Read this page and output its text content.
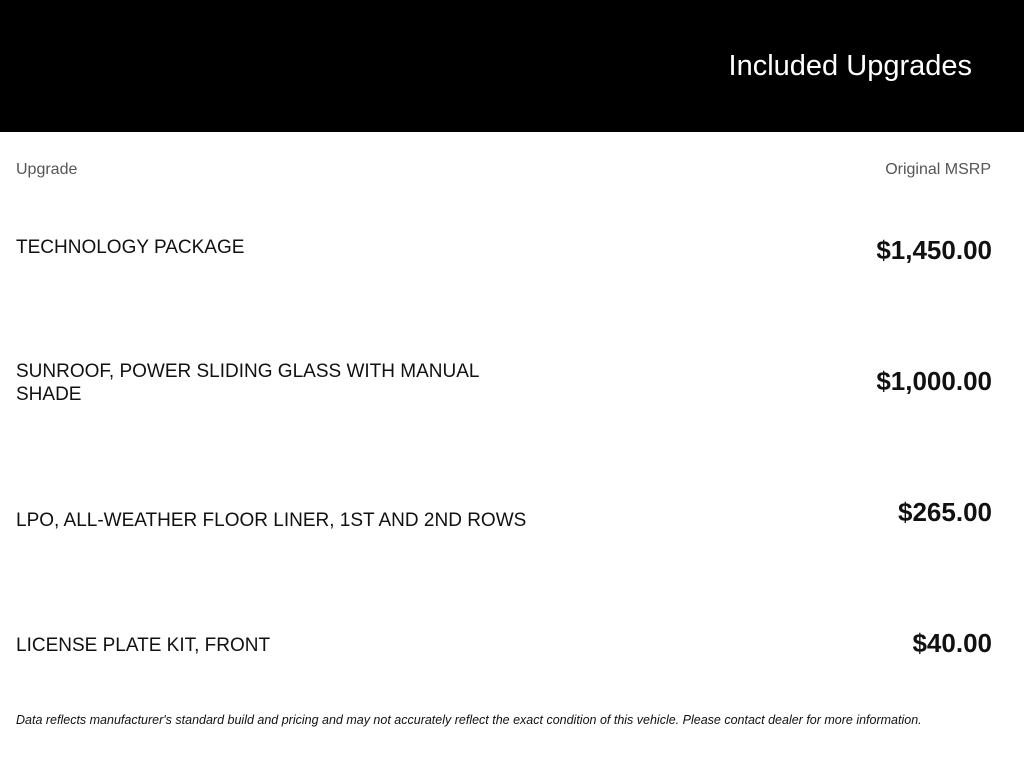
Included Upgrades
Upgrade	Original MSRP
TECHNOLOGY PACKAGE	$1,450.00
SUNROOF, POWER SLIDING GLASS WITH MANUAL SHADE	$1,000.00
LPO, ALL-WEATHER FLOOR LINER, 1ST AND 2ND ROWS	$265.00
LICENSE PLATE KIT, FRONT	$40.00
Data reflects manufacturer's standard build and pricing and may not accurately reflect the exact condition of this vehicle. Please contact dealer for more information.
